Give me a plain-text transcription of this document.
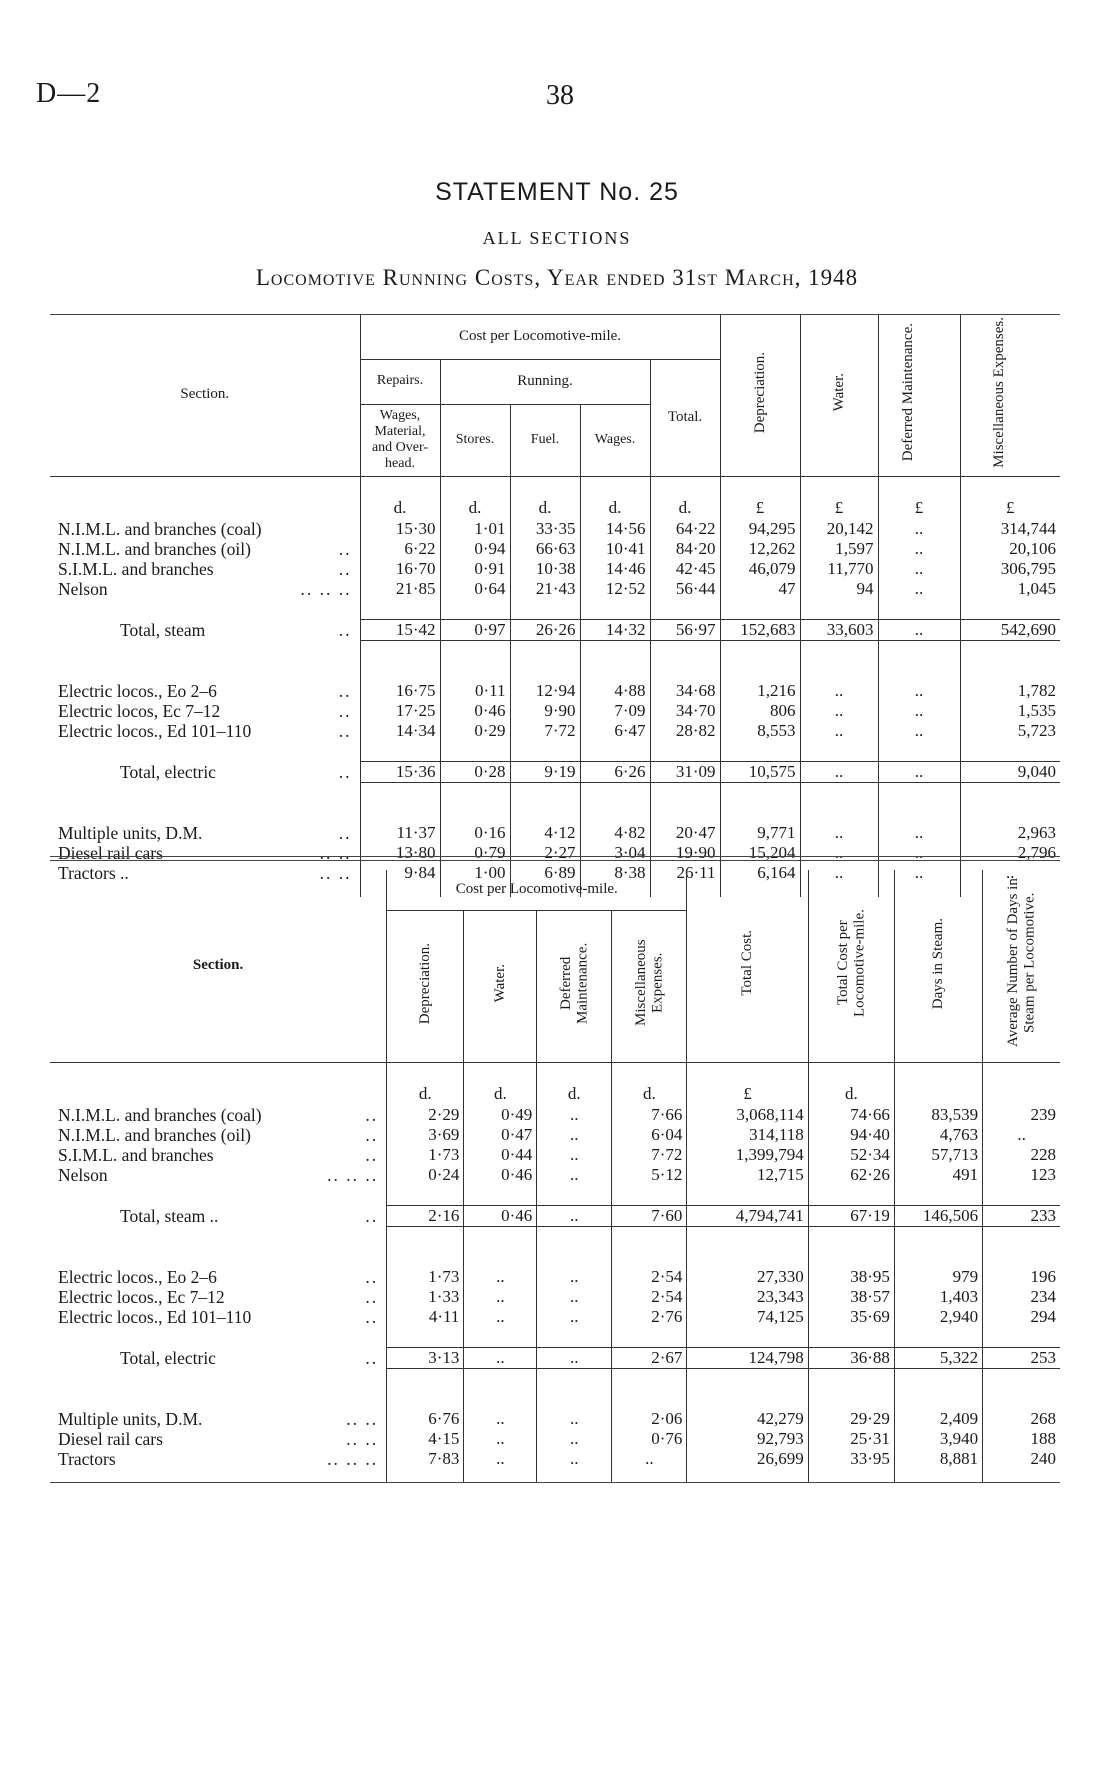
D—2	38
STATEMENT No. 25
ALL SECTIONS
Locomotive Running Costs, Year ended 31st March, 1948
Section.	Cost per Locomotive-mile.					Depreciation.	Water.	Deferred Maintenance.	Miscellaneous Expenses.
	Repairs.	Running.			Total.				

	Wages, Material, and Over-head.	Stores.	Fuel.	Wages.					

	d.	d.	d.	d.	d.	£	£	£	£
N.I.M.L. and branches (coal)	15·30	1·01	33·35	14·56	64·22	94,295	20,142	..	314,744
N.I.M.L. and branches (oil) ..	6·22	0·94	66·63	10·41	84·20	12,262	1,597	..	20,106
S.I.M.L. and branches ..	16·70	0·91	10·38	14·46	42·45	46,079	11,770	..	306,795
Nelson .. .. ..	21·85	0·64	21·43	12·52	56·44	47	94	..	1,045

Total, steam ..	15·42	0·97	26·26	14·32	56·97	152,683	33,603	..	542,690

Electric locos., Eo 2–6 ..	16·75	0·11	12·94	4·88	34·68	1,216	..	..	1,782
Electric locos, Ec 7–12 ..	17·25	0·46	9·90	7·09	34·70	806	..	..	1,535
Electric locos., Ed 101–110 ..	14·34	0·29	7·72	6·47	28·82	8,553	..	..	5,723

Total, electric ..	15·36	0·28	9·19	6·26	31·09	10,575	..	..	9,040

Multiple units, D.M. ..	11·37	0·16	4·12	4·82	20·47	9,771	..	..	2,963
Diesel rail cars .. ..	13·80	0·79	2·27	3·04	19·90	15,204	..	..	2,796
Tractors .. .. ..	9·84	1·00	6·89	8·38	26·11	6,164	..	..	..

Section.	Cost per Locomotive-mile.				Total Cost.	Total Cost per Locomotive-mile.	Days in Steam.	Average Number of Days in Steam per Locomotive.
	Depreciation.	Water.	Deferred Maintenance.	Miscellaneous Expenses.				

	d.	d.	d.	d.	£	d.		
N.I.M.L. and branches (coal) ..	2·29	0·49	..	7·66	3,068,114	74·66	83,539	239
N.I.M.L. and branches (oil) ..	3·69	0·47	..	6·04	314,118	94·40	4,763	..
S.I.M.L. and branches ..	1·73	0·44	..	7·72	1,399,794	52·34	57,713	228
Nelson .. .. ..	0·24	0·46	..	5·12	12,715	62·26	491	123

Total, steam .. ..	2·16	0·46	..	7·60	4,794,741	67·19	146,506	233

Electric locos., Eo 2–6 ..	1·73	..	..	2·54	27,330	38·95	979	196
Electric locos., Ec 7–12 ..	1·33	..	..	2·54	23,343	38·57	1,403	234
Electric locos., Ed 101–110 ..	4·11	..	..	2·76	74,125	35·69	2,940	294

Total, electric ..	3·13	..	..	2·67	124,798	36·88	5,322	253

Multiple units, D.M. .. ..	6·76	..	..	2·06	42,279	29·29	2,409	268
Diesel rail cars .. ..	4·15	..	..	0·76	92,793	25·31	3,940	188
Tractors .. .. ..	7·83	..	..	..	26,699	33·95	8,881	240
